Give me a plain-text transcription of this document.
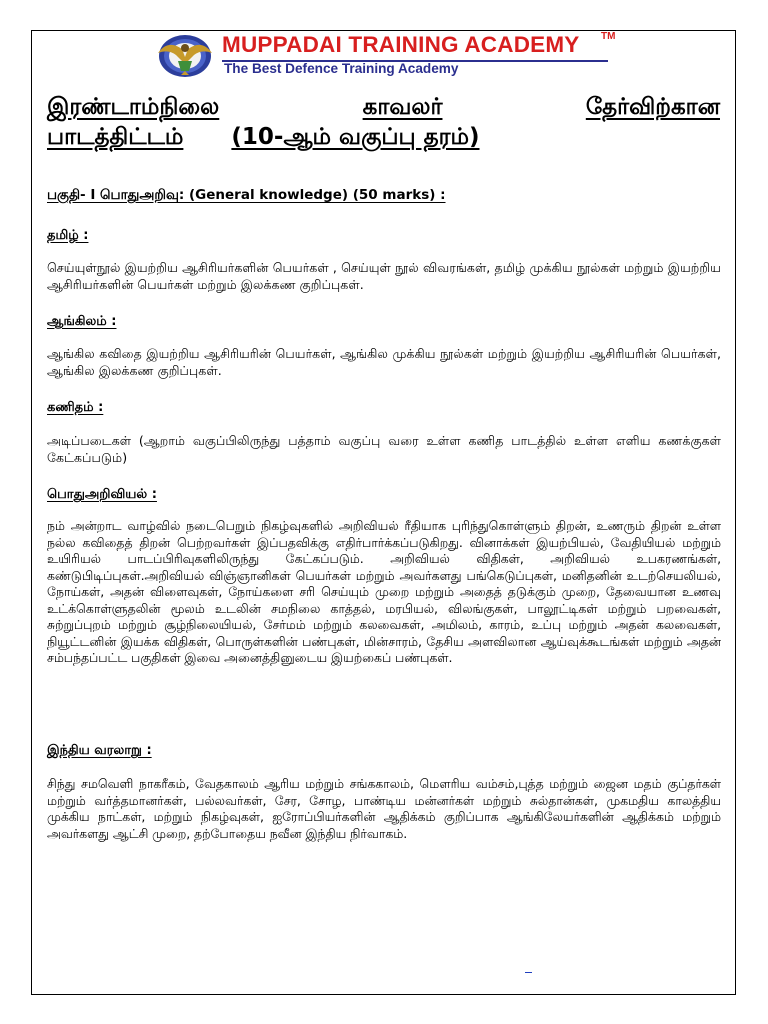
MUPPADAI TRAINING ACADEMY TM
The Best Defence Training Academy
இரண்டாம்நிலை	காவலர்	தேர்விற்கான
பாடத்திட்டம் (10-ஆம் வகுப்பு தரம்)
பகுதி- I பொதுஅறிவு: (General knowledge) (50 marks) :
தமிழ் :
செய்யுள்நூல் இயற்றிய ஆசிரியர்களின் பெயர்கள் , செய்யுள் நூல் விவரங்கள், தமிழ் முக்கிய நூல்கள் மற்றும் இயற்றிய ஆசிரியர்களின் பெயர்கள் மற்றும் இலக்கண குறிப்புகள்.
ஆங்கிலம் :
ஆங்கில கவிதை இயற்றிய ஆசிரியரின் பெயர்கள், ஆங்கில முக்கிய நூல்கள் மற்றும் இயற்றிய ஆசிரியரின் பெயர்கள், ஆங்கில இலக்கண குறிப்புகள்.
கணிதம் :
அடிப்படைகள் (ஆறாம் வகுப்பிலிருந்து பத்தாம் வகுப்பு வரை உள்ள கணித பாடத்தில் உள்ள எளிய கணக்குகள் கேட்கப்படும்)
பொதுஅறிவியல் :
நம் அன்றாட வாழ்வில் நடைபெறும் நிகழ்வுகளில் அறிவியல் ரீதியாக புரிந்துகொள்ளும் திறன், உணரும் திறன் உள்ள நல்ல கவிதைத் திறன் பெற்றவர்கள் இப்பதவிக்கு எதிர்பார்க்கப்படுகிறது. வினாக்கள் இயற்பியல், வேதியியல் மற்றும் உயிரியல் பாடப்பிரிவுகளிலிருந்து கேட்கப்படும். அறிவியல் விதிகள், அறிவியல் உபகரணங்கள், கண்டுபிடிப்புகள்.அறிவியல் விஞ்ஞானிகள் பெயர்கள் மற்றும் அவர்களது பங்கெடுப்புகள், மனிதனின் உடற்செயலியல், நோய்கள், அதன் விளைவுகள், நோய்களை சரி செய்யும் முறை மற்றும் அதைத் தடுக்கும் முறை, தேவையான உணவு உட்க்கொள்ளுதலின் மூலம் உடலின் சமநிலை காத்தல், மரபியல், விலங்குகள், பாலூட்டிகள் மற்றும் பறவைகள், சுற்றுப்புறம் மற்றும் சூழ்நிலையியல், சேர்மம் மற்றும் கலவைகள், அமிலம், காரம், உப்பு மற்றும் அதன் கலவைகள், நியூட்டனின் இயக்க விதிகள், பொருள்களின் பண்புகள், மின்சாரம், தேசிய அளவிலான ஆய்வுக்கூடங்கள் மற்றும் அதன் சம்பந்தப்பட்ட பகுதிகள் இவை அனைத்தினுடைய இயற்கைப் பண்புகள்.
இந்திய வரலாறு :
சிந்து சமவெளி நாகரீகம், வேதகாலம் ஆரிய மற்றும் சங்ககாலம், மௌரிய வம்சம்,புத்த மற்றும் ஜைன மதம் குப்தர்கள் மற்றும் வர்த்தமானர்கள், பல்லவர்கள், சேர, சோழ, பாண்டிய மன்னர்கள் மற்றும் சுல்தான்கள், முகமதிய காலத்திய முக்கிய நாட்கள், மற்றும் நிகழ்வுகள், ஐரோப்பியர்களின் ஆதிக்கம் குறிப்பாக ஆங்கிலேயர்களின் ஆதிக்கம் மற்றும் அவர்களது ஆட்சி முறை, தற்போதைய நவீன இந்திய நிர்வாகம்.
